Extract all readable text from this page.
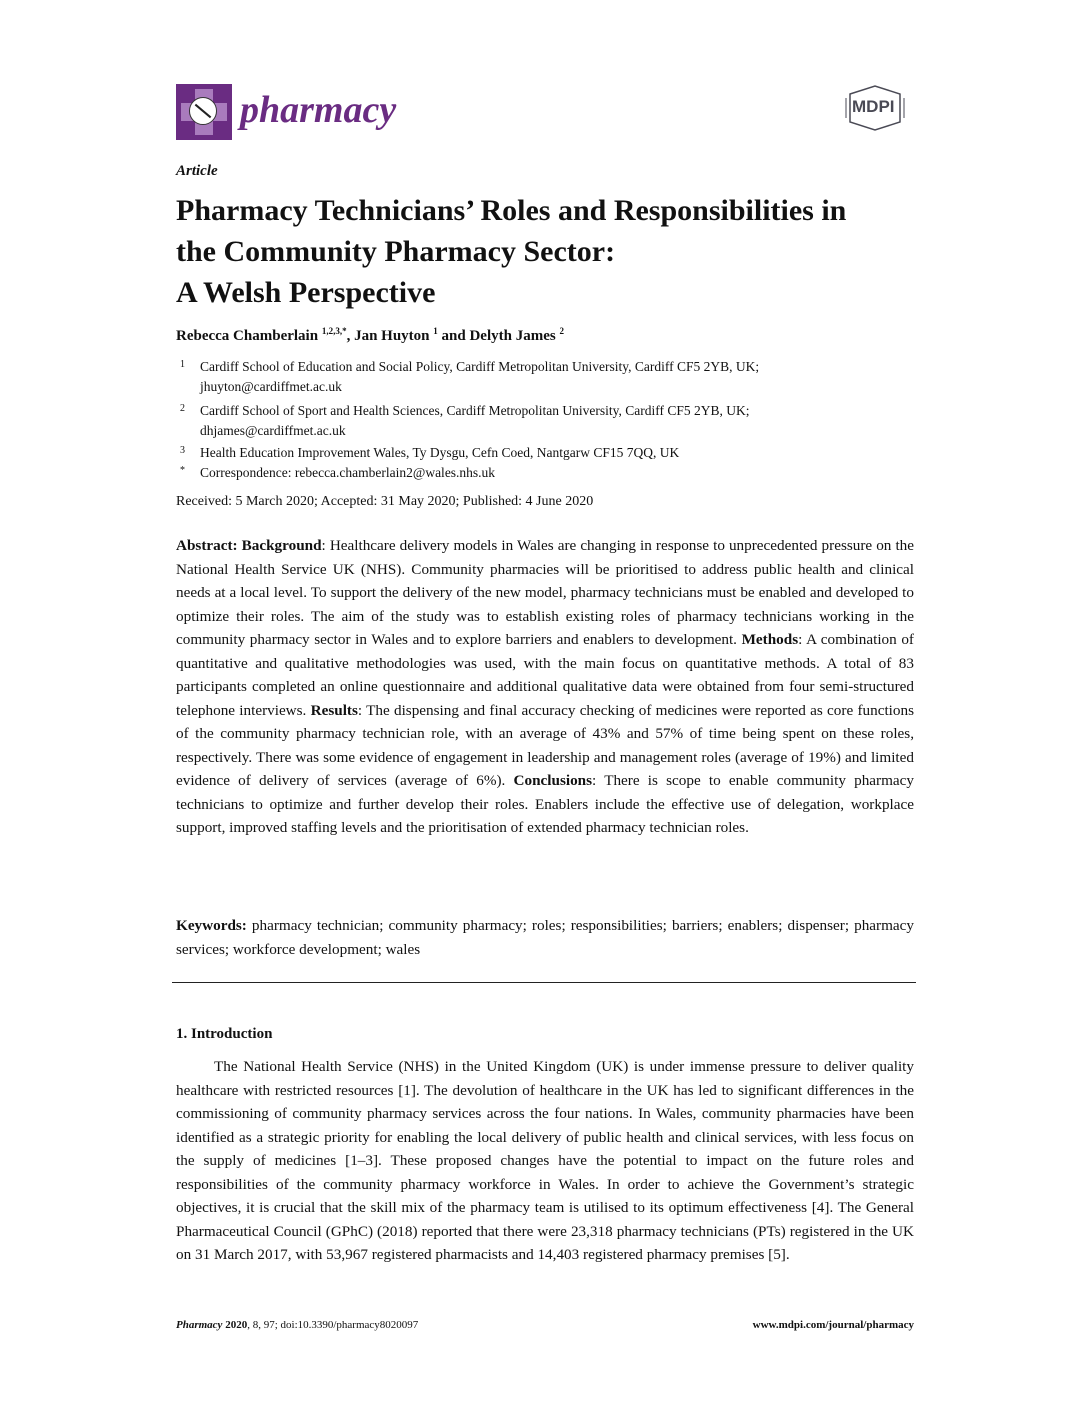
pharmacy	MDPI
Article
Pharmacy Technicians’ Roles and Responsibilities in
the Community Pharmacy Sector:
A Welsh Perspective
Rebecca Chamberlain $^{1,2,3,*}$, Jan Huyton $^1$ and Delyth James $^2$
1	Cardiff School of Education and Social Policy, Cardiff Metropolitan University, Cardiff CF5 2YB, UK;
jhuyton@cardiffmet.ac.uk
2	Cardiff School of Sport and Health Sciences, Cardiff Metropolitan University, Cardiff CF5 2YB, UK;
dhjames@cardiffmet.ac.uk
3	Health Education Improvement Wales, Ty Dysgu, Cefn Coed, Nantgarw CF15 7QQ, UK
*	Correspondence: rebecca.chamberlain2@wales.nhs.uk
Received: 5 March 2020; Accepted: 31 May 2020; Published: 4 June 2020
Abstract: Background: Healthcare delivery models in Wales are changing in response to unprecedented pressure on the National Health Service UK (NHS). Community pharmacies will be prioritised to address public health and clinical needs at a local level. To support the delivery of the new model, pharmacy technicians must be enabled and developed to optimize their roles. The aim of the study was to establish existing roles of pharmacy technicians working in the community pharmacy sector in Wales and to explore barriers and enablers to development. Methods: A combination of quantitative and qualitative methodologies was used, with the main focus on quantitative methods. A total of 83 participants completed an online questionnaire and additional qualitative data were obtained from four semi-structured telephone interviews. Results: The dispensing and final accuracy checking of medicines were reported as core functions of the community pharmacy technician role, with an average of 43% and 57% of time being spent on these roles, respectively. There was some evidence of engagement in leadership and management roles (average of 19%) and limited evidence of delivery of services (average of 6%). Conclusions: There is scope to enable community pharmacy technicians to optimize and further develop their roles. Enablers include the effective use of delegation, workplace support, improved staffing levels and the prioritisation of extended pharmacy technician roles.
Keywords: pharmacy technician; community pharmacy; roles; responsibilities; barriers; enablers; dispenser; pharmacy services; workforce development; wales
1. Introduction
The National Health Service (NHS) in the United Kingdom (UK) is under immense pressure to deliver quality healthcare with restricted resources [1]. The devolution of healthcare in the UK has led to significant differences in the commissioning of community pharmacy services across the four nations. In Wales, community pharmacies have been identified as a strategic priority for enabling the local delivery of public health and clinical services, with less focus on the supply of medicines [1–3]. These proposed changes have the potential to impact on the future roles and responsibilities of the community pharmacy workforce in Wales. In order to achieve the Government’s strategic objectives, it is crucial that the skill mix of the pharmacy team is utilised to its optimum effectiveness [4]. The General Pharmaceutical Council (GPhC) (2018) reported that there were 23,318 pharmacy technicians (PTs) registered in the UK on 31 March 2017, with 53,967 registered pharmacists and 14,403 registered pharmacy premises [5].
Pharmacy 2020, 8, 97; doi:10.3390/pharmacy8020097	www.mdpi.com/journal/pharmacy
